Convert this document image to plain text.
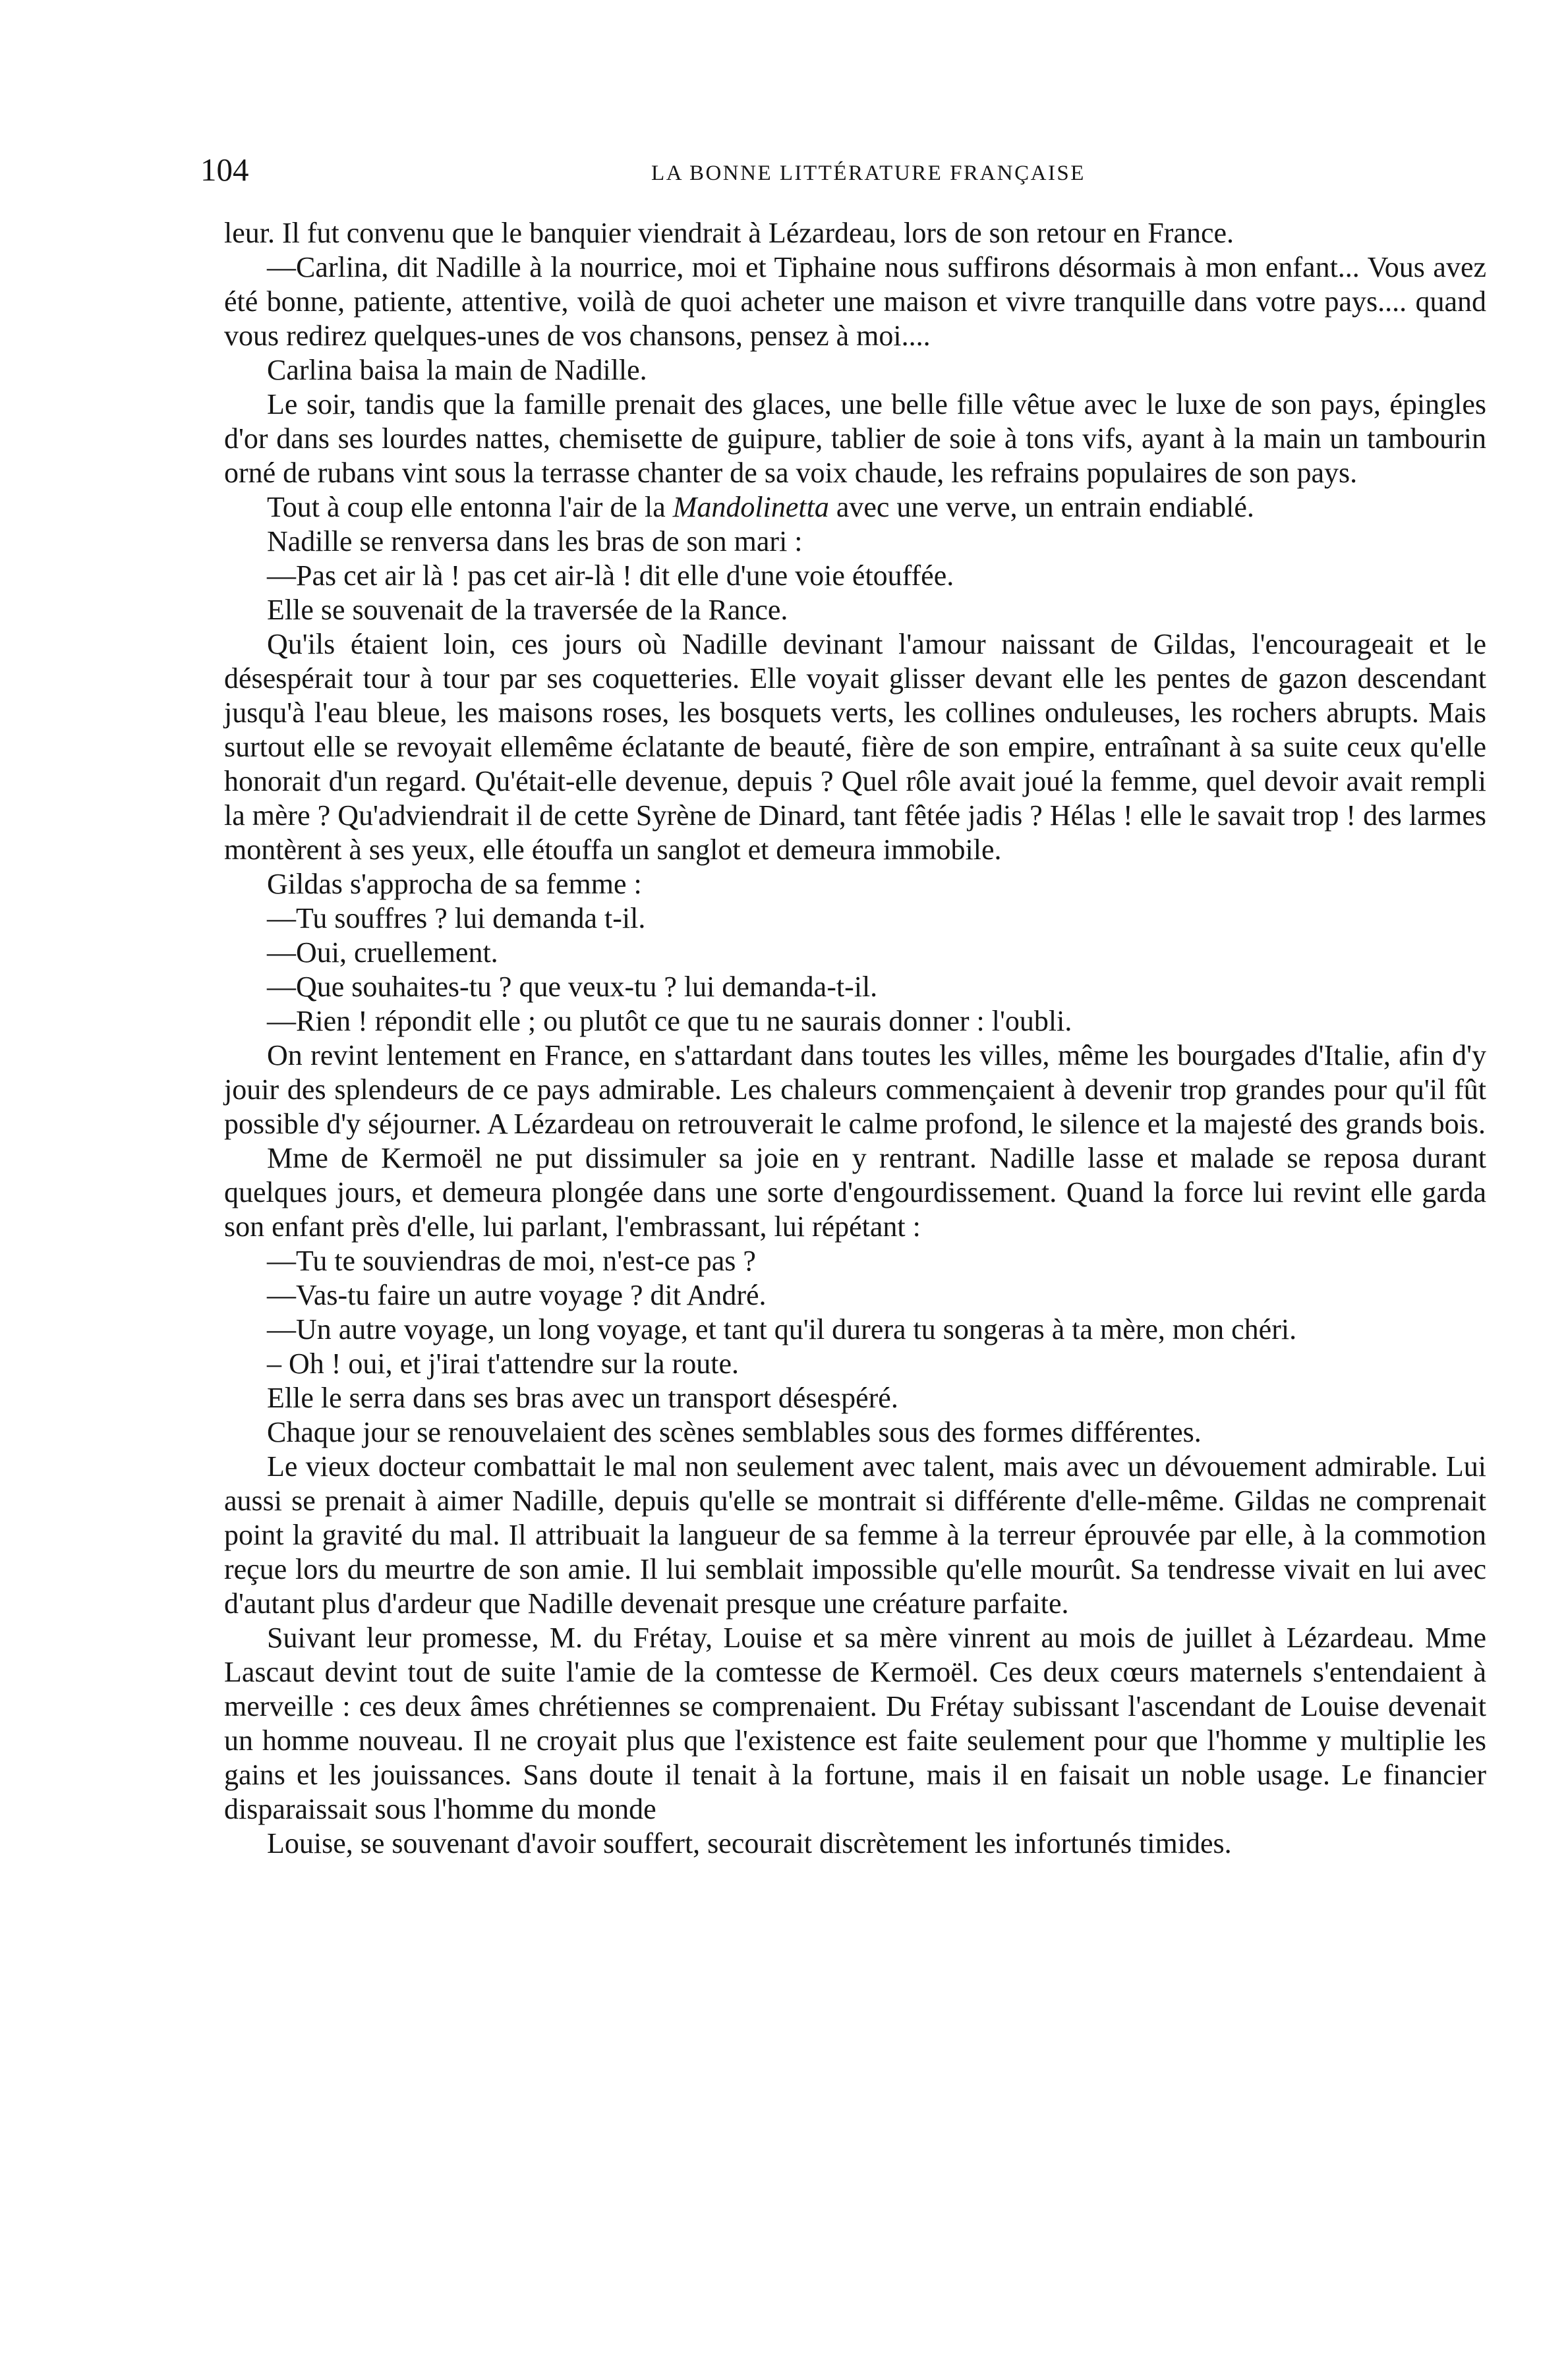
104	LA BONNE LITTÉRATURE FRANÇAISE

leur. Il fut convenu que le banquier viendrait à Lézardeau, lors de son retour en France.

—Carlina, dit Nadille à la nourrice, moi et Tiphaine nous suffirons désormais à mon enfant... Vous avez été bonne, patiente, attentive, voilà de quoi acheter une maison et vivre tranquille dans votre pays.... quand vous redirez quelques-unes de vos chansons, pensez à moi....

Carlina baisa la main de Nadille.

Le soir, tandis que la famille prenait des glaces, une belle fille vêtue avec le luxe de son pays, épingles d'or dans ses lourdes nattes, chemisette de guipure, tablier de soie à tons vifs, ayant à la main un tambourin orné de rubans vint sous la terrasse chanter de sa voix chaude, les refrains populaires de son pays.

Tout à coup elle entonna l'air de la Mandolinetta avec une verve, un entrain endiablé.

Nadille se renversa dans les bras de son mari :

—Pas cet air là ! pas cet air-là ! dit elle d'une voie étouffée.

Elle se souvenait de la traversée de la Rance.

Qu'ils étaient loin, ces jours où Nadille devinant l'amour naissant de Gildas, l'encourageait et le désespérait tour à tour par ses coquetteries. Elle voyait glisser devant elle les pentes de gazon descendant jusqu'à l'eau bleue, les maisons roses, les bosquets verts, les collines onduleuses, les rochers abrupts. Mais surtout elle se revoyait ellemême éclatante de beauté, fière de son empire, entraînant à sa suite ceux qu'elle honorait d'un regard. Qu'était-elle devenue, depuis ? Quel rôle avait joué la femme, quel devoir avait rempli la mère ? Qu'adviendrait il de cette Syrène de Dinard, tant fêtée jadis ? Hélas ! elle le savait trop ! des larmes montèrent à ses yeux, elle étouffa un sanglot et demeura immobile.

Gildas s'approcha de sa femme :

—Tu souffres ? lui demanda t-il.

—Oui, cruellement.

—Que souhaites-tu ? que veux-tu ? lui demanda-t-il.

—Rien ! répondit elle ; ou plutôt ce que tu ne saurais donner : l'oubli.

On revint lentement en France, en s'attardant dans toutes les villes, même les bourgades d'Italie, afin d'y jouir des splendeurs de ce pays admirable. Les chaleurs commençaient à devenir trop grandes pour qu'il fût possible d'y séjourner. A Lézardeau on retrouverait le calme profond, le silence et la majesté des grands bois.

Mme de Kermoël ne put dissimuler sa joie en y rentrant. Nadille lasse et malade se reposa durant quelques jours, et demeura plongée dans une sorte d'engourdissement. Quand la force lui revint elle garda son enfant près d'elle, lui parlant, l'embrassant, lui répétant :

—Tu te souviendras de moi, n'est-ce pas ?

—Vas-tu faire un autre voyage ? dit André.

—Un autre voyage, un long voyage, et tant qu'il durera tu songeras à ta mère, mon chéri.

– Oh ! oui, et j'irai t'attendre sur la route.

Elle le serra dans ses bras avec un transport désespéré.

Chaque jour se renouvelaient des scènes semblables sous des formes différentes.

Le vieux docteur combattait le mal non seulement avec talent, mais avec un dévouement admirable. Lui aussi se prenait à aimer Nadille, depuis qu'elle se montrait si différente d'elle-même. Gildas ne comprenait point la gravité du mal. Il attribuait la langueur de sa femme à la terreur éprouvée par elle, à la commotion reçue lors du meurtre de son amie. Il lui semblait impossible qu'elle mourût. Sa tendresse vivait en lui avec d'autant plus d'ardeur que Nadille devenait presque une créature parfaite.

Suivant leur promesse, M. du Frétay, Louise et sa mère vinrent au mois de juillet à Lézardeau. Mme Lascaut devint tout de suite l'amie de la comtesse de Kermoël. Ces deux cœurs maternels s'entendaient à merveille : ces deux âmes chrétiennes se comprenaient. Du Frétay subissant l'ascendant de Louise devenait un homme nouveau. Il ne croyait plus que l'existence est faite seulement pour que l'homme y multiplie les gains et les jouissances. Sans doute il tenait à la fortune, mais il en faisait un noble usage. Le financier disparaissait sous l'homme du monde

Louise, se souvenant d'avoir souffert, secourait discrètement les infortunés timides.
